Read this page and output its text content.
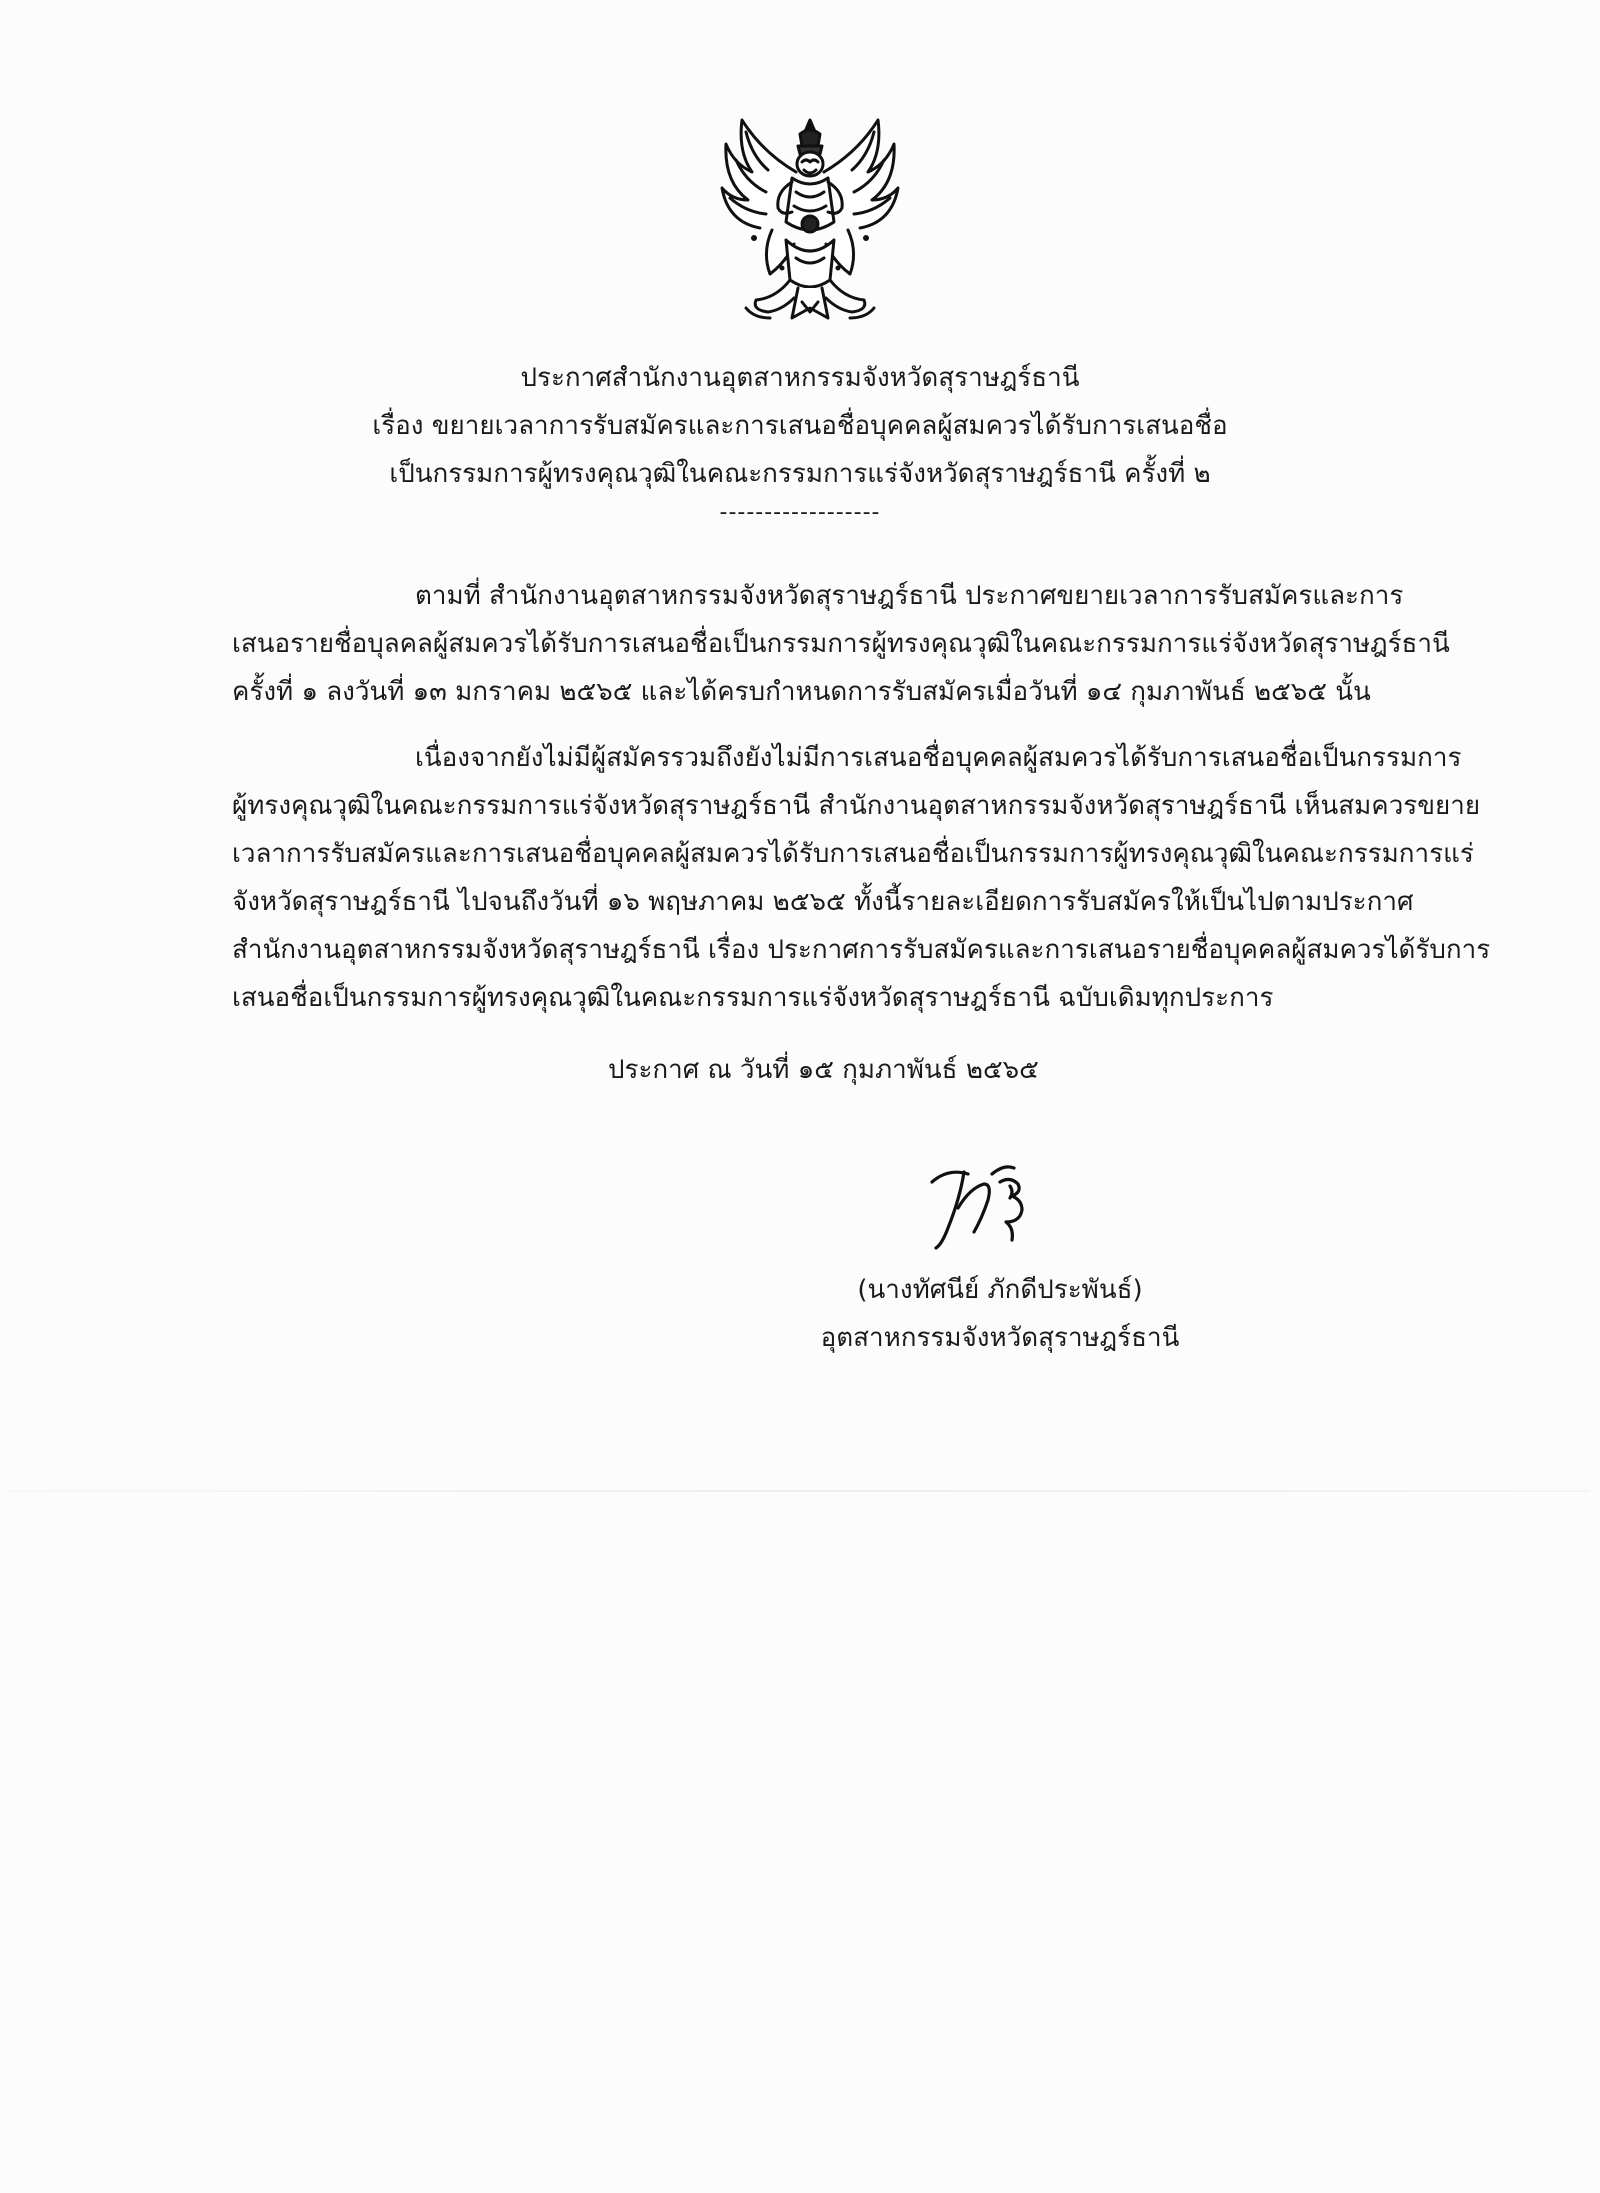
ประกาศสำนักงานอุตสาหกรรมจังหวัดสุราษฎร์ธานี
เรื่อง ขยายเวลาการรับสมัครและการเสนอชื่อบุคคลผู้สมควรได้รับการเสนอชื่อ
เป็นกรรมการผู้ทรงคุณวุฒิในคณะกรรมการแร่จังหวัดสุราษฎร์ธานี ครั้งที่ ๒
------------------
ตามที่ สำนักงานอุตสาหกรรมจังหวัดสุราษฎร์ธานี ประกาศขยายเวลาการรับสมัครและการ
เสนอรายชื่อบุลคลผู้สมควรได้รับการเสนอชื่อเป็นกรรมการผู้ทรงคุณวุฒิในคณะกรรมการแร่จังหวัดสุราษฎร์ธานี
ครั้งที่ ๑ ลงวันที่ ๑๓ มกราคม ๒๕๖๕ และได้ครบกำหนดการรับสมัครเมื่อวันที่ ๑๔ กุมภาพันธ์ ๒๕๖๕ นั้น
เนื่องจากยังไม่มีผู้สมัครรวมถึงยังไม่มีการเสนอชื่อบุคคลผู้สมควรได้รับการเสนอชื่อเป็นกรรมการ
ผู้ทรงคุณวุฒิในคณะกรรมการแร่จังหวัดสุราษฎร์ธานี สำนักงานอุตสาหกรรมจังหวัดสุราษฎร์ธานี เห็นสมควรขยาย
เวลาการรับสมัครและการเสนอชื่อบุคคลผู้สมควรได้รับการเสนอชื่อเป็นกรรมการผู้ทรงคุณวุฒิในคณะกรรมการแร่
จังหวัดสุราษฎร์ธานี ไปจนถึงวันที่ ๑๖ พฤษภาคม ๒๕๖๕ ทั้งนี้รายละเอียดการรับสมัครให้เป็นไปตามประกาศ
สำนักงานอุตสาหกรรมจังหวัดสุราษฎร์ธานี เรื่อง ประกาศการรับสมัครและการเสนอรายชื่อบุคคลผู้สมควรได้รับการ
เสนอชื่อเป็นกรรมการผู้ทรงคุณวุฒิในคณะกรรมการแร่จังหวัดสุราษฎร์ธานี ฉบับเดิมทุกประการ
ประกาศ ณ วันที่ ๑๕ กุมภาพันธ์ ๒๕๖๕
(นางทัศนีย์ ภักดีประพันธ์)
อุตสาหกรรมจังหวัดสุราษฎร์ธานี
